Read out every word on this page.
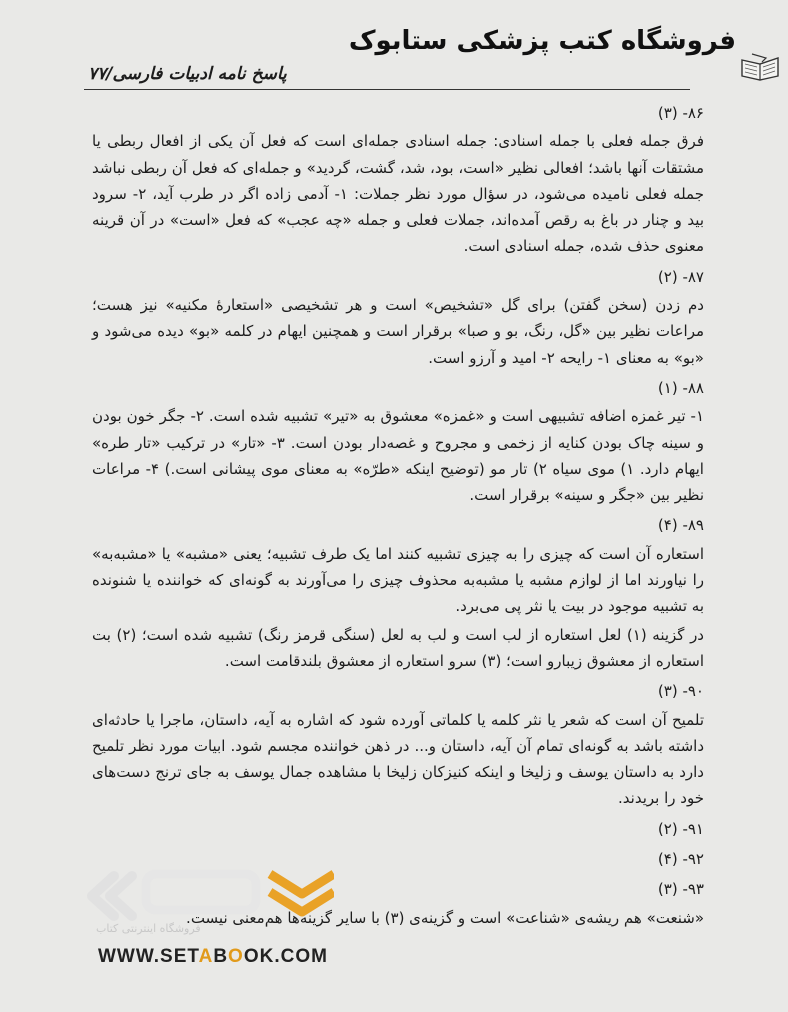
فروشگاه کتب پزشکی ستابوک
پاسخ نامه ادبیات فارسی/۷۷
۸۶- (۳)
فرق جمله فعلی با جمله اسنادی: جمله اسنادی جمله‌ای است که فعل آن یکی از افعال ربطی یا مشتقات آنها باشد؛ افعالی نظیر «است، بود، شد، گشت، گردید» و جمله‌ای که فعل آن ربطی نباشد جمله فعلی نامیده می‌شود، در سؤال مورد نظر جملات: ۱- آدمی زاده اگر در طرب آید، ۲- سرود بید و چنار در باغ به رقص آمده‌اند، جملات فعلی و جمله «چه عجب» که فعل «است» در آن قرینه معنوی حذف شده، جمله اسنادی است.
۸۷- (۲)
دم زدن (سخن گفتن) برای گل «تشخیص» است و هر تشخیصی «استعارهٔ مکنیه» نیز هست؛ مراعات نظیر بین «گل، رنگ، بو و صبا» برقرار است و همچنین ایهام در کلمه «بو» دیده می‌شود و «بو» به معنای ۱- رایحه ۲- امید و آرزو است.
۸۸- (۱)
۱- تیر غمزه اضافه تشبیهی است و «غمزه» معشوق به «تیر» تشبیه شده است. ۲- جگر خون بودن و سینه چاک بودن کنایه از زخمی و مجروح و غصه‌دار بودن است. ۳- «تار» در ترکیب «تار طره» ایهام دارد. ۱) موی سیاه ۲) تار مو (توضیح اینکه «طرّه» به معنای موی پیشانی است.) ۴- مراعات نظیر بین «جگر و سینه» برقرار است.
۸۹- (۴)
استعاره آن است که چیزی را به چیزی تشبیه کنند اما یک طرف تشبیه؛ یعنی «مشبه» یا «مشبه‌به» را نیاورند اما از لوازم مشبه یا مشبه‌به محذوف چیزی را می‌آورند به گونه‌ای که خواننده یا شنونده به تشبیه موجود در بیت یا نثر پی می‌برد.
در گزینه (۱) لعل استعاره از لب است و لب به لعل (سنگی قرمز رنگ) تشبیه شده است؛ (۲) بت استعاره از معشوق زیبارو است؛ (۳) سرو استعاره از معشوق بلندقامت است.
۹۰- (۳)
تلمیح آن است که شعر یا نثر کلمه یا کلماتی آورده شود که اشاره به آیه، داستان، ماجرا یا حادثه‌ای داشته باشد به گونه‌ای تمام آن آیه، داستان و... در ذهن خواننده مجسم شود. ابیات مورد نظر تلمیح دارد به داستان یوسف و زلیخا و اینکه کنیزکان زلیخا با مشاهده جمال یوسف به جای ترنج دست‌های خود را بریدند.
۹۱- (۲)
۹۲- (۴)
۹۳- (۳)
«شنعت» هم ریشه‌ی «شناعت» است و گزینه‌ی (۳) با سایر گزینه‌ها هم‌معنی نیست.
فروشگاه اینترنتی کتاب
WWW.SETABOOK.COM
